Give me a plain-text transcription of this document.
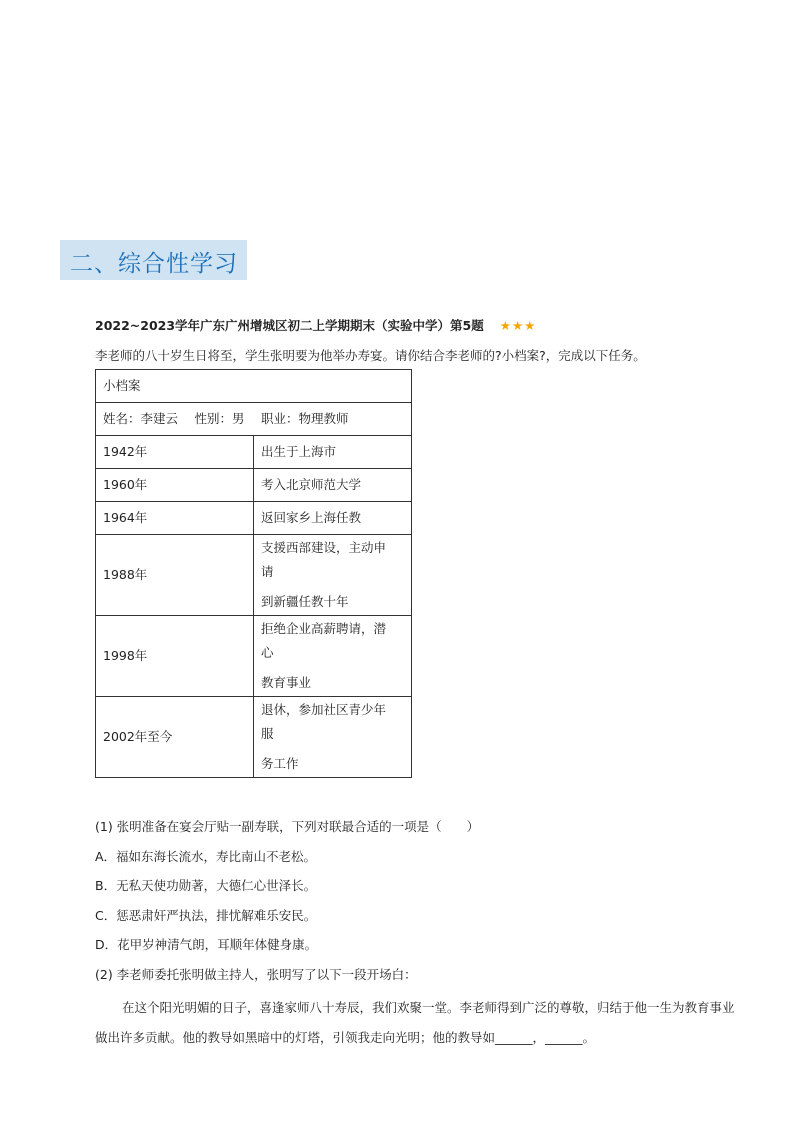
二、综合性学习
2022~2023学年广东广州增城区初二上学期期末（实验中学）第5题 ★★★
李老师的八十岁生日将至，学生张明要为他举办寿宴。请你结合李老师的?小档案?，完成以下任务。
小档案	
姓名：李建云　 性别：男　 职业：物理教师	
1942年	出生于上海市

1960年	考入北京师范大学

1964年	返回家乡上海任教

1988年	支援西部建设，主动申
请
到新疆任教十年

1998年	拒绝企业高薪聘请，潜
心
教育事业

2002年至今	退休，参加社区青少年
服
务工作
(1) 张明准备在宴会厅贴一副寿联，下列对联最合适的一项是（　　）
A．福如东海长流水，寿比南山不老松。
B．无私天使功勋著，大德仁心世泽长。
C．惩恶肃奸严执法，排忧解难乐安民。
D．花甲岁神清气朗，耳顺年体健身康。
(2) 李老师委托张明做主持人，张明写了以下一段开场白：
在这个阳光明媚的日子，喜逢家师八十寿辰，我们欢聚一堂。李老师得到广泛的尊敬，归结于他一生为教育事业做出许多贡献。他的教导如黑暗中的灯塔，引领我走向光明；他的教导如______，______。
